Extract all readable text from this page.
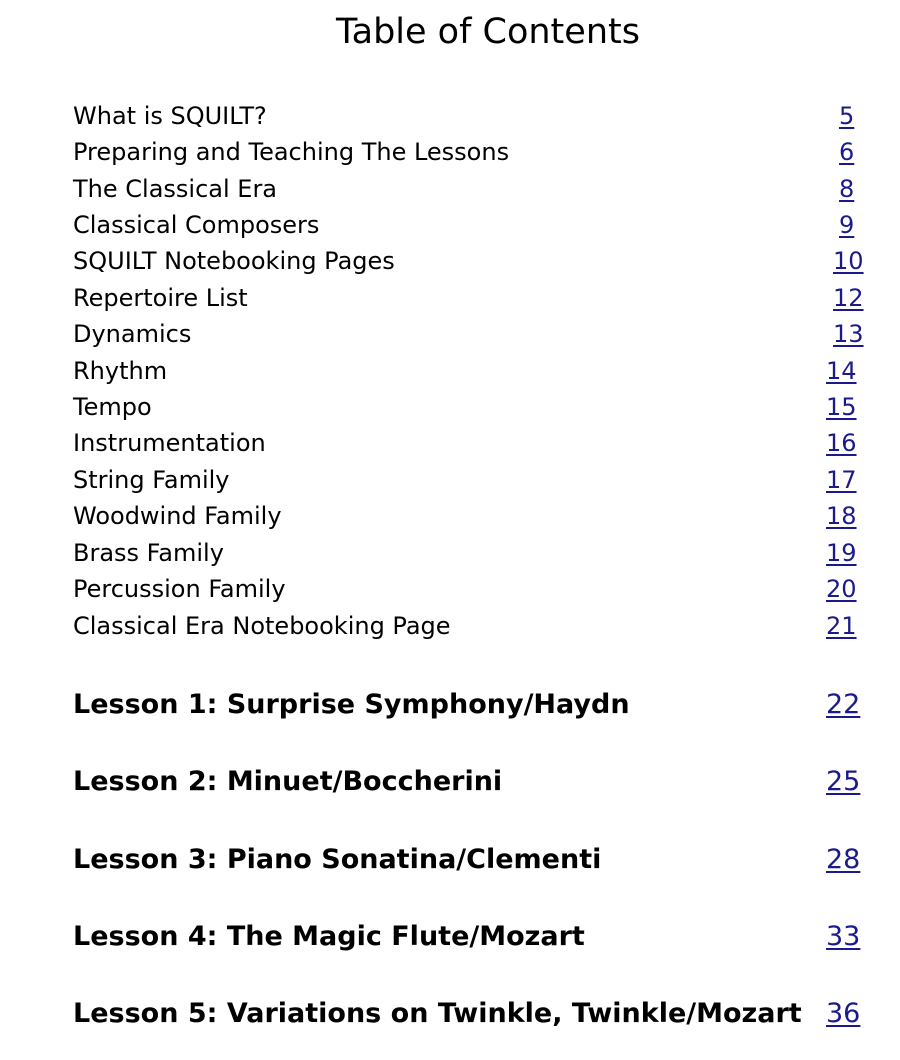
Table of Contents
What is SQUILT?	5
Preparing and Teaching The Lessons	6
The Classical Era	8
Classical Composers	9
SQUILT Notebooking Pages	10
Repertoire List	12
Dynamics	13
Rhythm	14
Tempo	15
Instrumentation	16
String Family	17
Woodwind Family	18
Brass Family	19
Percussion Family	20
Classical Era Notebooking Page	21
Lesson 1: Surprise Symphony/Haydn	22
Lesson 2: Minuet/Boccherini	25
Lesson 3: Piano Sonatina/Clementi	28
Lesson 4: The Magic Flute/Mozart	33
Lesson 5: Variations on Twinkle, Twinkle/Mozart 36
